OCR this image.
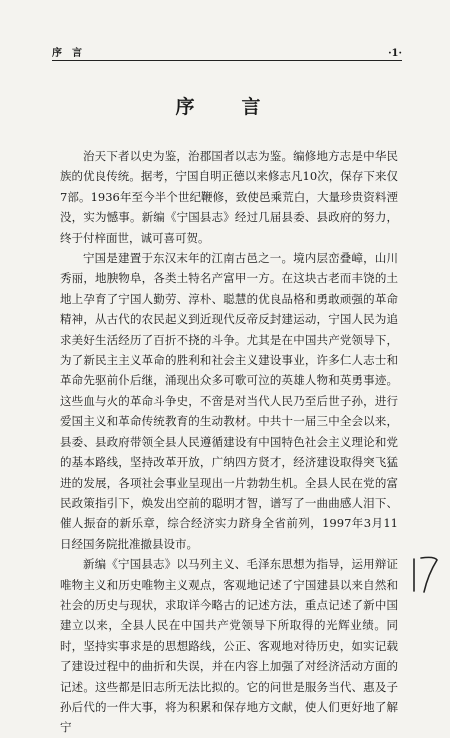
序　言	·1·
序　言

治天下者以史为鉴，治郡国者以志为鉴。编修地方志是中华民族的优良传统。据考，宁国自明正德以来修志凡10次，保存下来仅7部。1936年至今半个世纪鞭修，致使邑乘荒白，大量珍贵资料湮没，实为憾事。新编《宁国县志》经过几届县委、县政府的努力，终于付梓面世，诚可喜可贺。

宁国是建置于东汉末年的江南古邑之一。境内层峦叠嶂，山川秀丽，地腴物阜，各类土特名产富甲一方。在这块古老而丰饶的土地上孕育了宁国人勤劳、淳朴、聪慧的优良品格和勇敢顽强的革命精神，从古代的农民起义到近现代反帝反封建运动，宁国人民为追求美好生活经历了百折不挠的斗争。尤其是在中国共产党领导下，为了新民主主义革命的胜利和社会主义建设事业，许多仁人志士和革命先驱前仆后继，涌现出众多可歌可泣的英雄人物和英勇事迹。这些血与火的革命斗争史，不啻是对当代人民乃至后世子孙，进行爱国主义和革命传统教育的生动教材。中共十一届三中全会以来，县委、县政府带领全县人民遵循建设有中国特色社会主义理论和党的基本路线，坚持改革开放，广纳四方贤才，经济建设取得突飞猛进的发展，各项社会事业呈现出一片勃勃生机。全县人民在党的富民政策指引下，焕发出空前的聪明才智，谱写了一曲曲感人泪下、催人振奋的新乐章，综合经济实力跻身全省前列，1997年3月11日经国务院批准撤县设市。

新编《宁国县志》以马列主义、毛泽东思想为指导，运用辩证唯物主义和历史唯物主义观点，客观地记述了宁国建县以来自然和社会的历史与现状，求取详今略古的记述方法，重点记述了新中国建立以来，全县人民在中国共产党领导下所取得的光辉业绩。同时，坚持实事求是的思想路线，公正、客观地对待历史，如实记载了建设过程中的曲折和失误，并在内容上加强了对经济活动方面的记述。这些都是旧志所无法比拟的。它的问世是服务当代、惠及子孙后代的一件大事，将为积累和保存地方文献，使人们更好地了解宁
